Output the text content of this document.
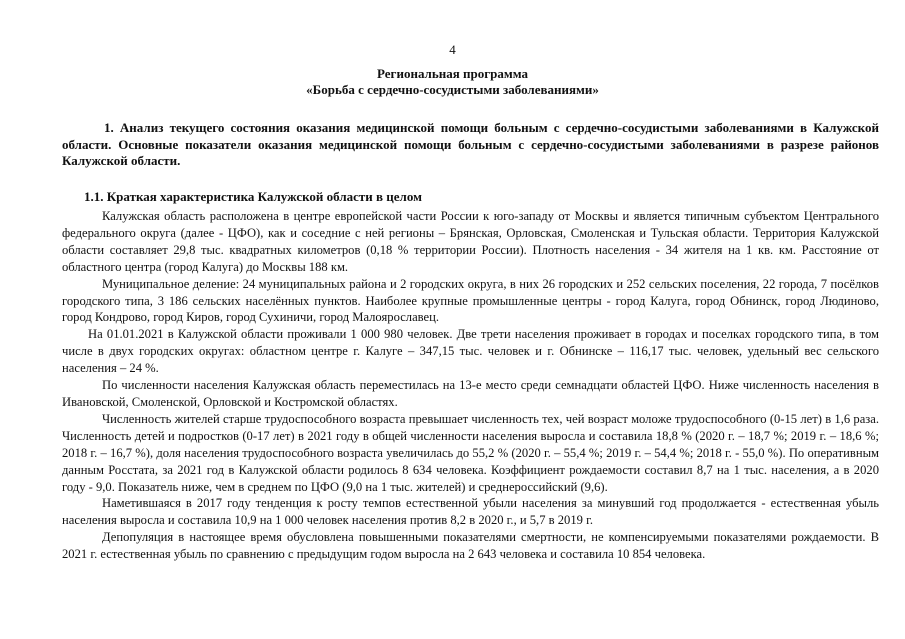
4
Региональная программа
«Борьба с сердечно-сосудистыми заболеваниями»
1. Анализ текущего состояния оказания медицинской помощи больным с сердечно-сосудистыми заболеваниями в Калужской области. Основные показатели оказания медицинской помощи больным с сердечно-сосудистыми заболеваниями в разрезе районов Калужской области.
1.1. Краткая характеристика Калужской области в целом

Калужская область расположена в центре европейской части России к юго-западу от Москвы и является типичным субъектом Центрального федерального округа (далее - ЦФО), как и соседние с ней регионы – Брянская, Орловская, Смоленская и Тульская области. Территория Калужской области составляет 29,8 тыс. квадратных километров (0,18 % территории России). Плотность населения - 34 жителя на 1 кв. км. Расстояние от областного центра (город Калуга) до Москвы 188 км.

Муниципальное деление: 24 муниципальных района и 2 городских округа, в них 26 городских и 252 сельских поселения, 22 города, 7 посёлков городского типа, 3 186 сельских населённых пунктов. Наиболее крупные промышленные центры - город Калуга, город Обнинск, город Людиново, город Кондрово, город Киров, город Сухиничи, город Малоярославец.

На 01.01.2021 в Калужской области проживали 1 000 980 человек. Две трети населения проживает в городах и поселках городского типа, в том числе в двух городских округах: областном центре г. Калуге – 347,15 тыс. человек и г. Обнинске – 116,17 тыс. человек, удельный вес сельского населения – 24 %.

По численности населения Калужская область переместилась на 13-е место среди семнадцати областей ЦФО. Ниже численность населения в Ивановской, Смоленской, Орловской и Костромской областях.

Численность жителей старше трудоспособного возраста превышает численность тех, чей возраст моложе трудоспособного (0-15 лет) в 1,6 раза. Численность детей и подростков (0-17 лет) в 2021 году в общей численности населения выросла и составила 18,8 % (2020 г. – 18,7 %; 2019 г. – 18,6 %; 2018 г. – 16,7 %), доля населения трудоспособного возраста увеличилась до 55,2 % (2020 г. – 55,4 %; 2019 г. – 54,4 %; 2018 г. - 55,0 %). По оперативным данным Росстата, за 2021 год в Калужской области родилось 8 634 человека. Коэффициент рождаемости составил 8,7 на 1 тыс. населения, а в 2020 году - 9,0. Показатель ниже, чем в среднем по ЦФО (9,0 на 1 тыс. жителей) и среднероссийский (9,6).

Наметившаяся в 2017 году тенденция к росту темпов естественной убыли населения за минувший год продолжается - естественная убыль населения выросла и составила 10,9 на 1 000 человек населения против 8,2 в 2020 г., и 5,7 в 2019 г.

Депопуляция в настоящее время обусловлена повышенными показателями смертности, не компенсируемыми показателями рождаемости. В 2021 г. естественная убыль по сравнению с предыдущим годом выросла на 2 643 человека и составила 10 854 человека.
